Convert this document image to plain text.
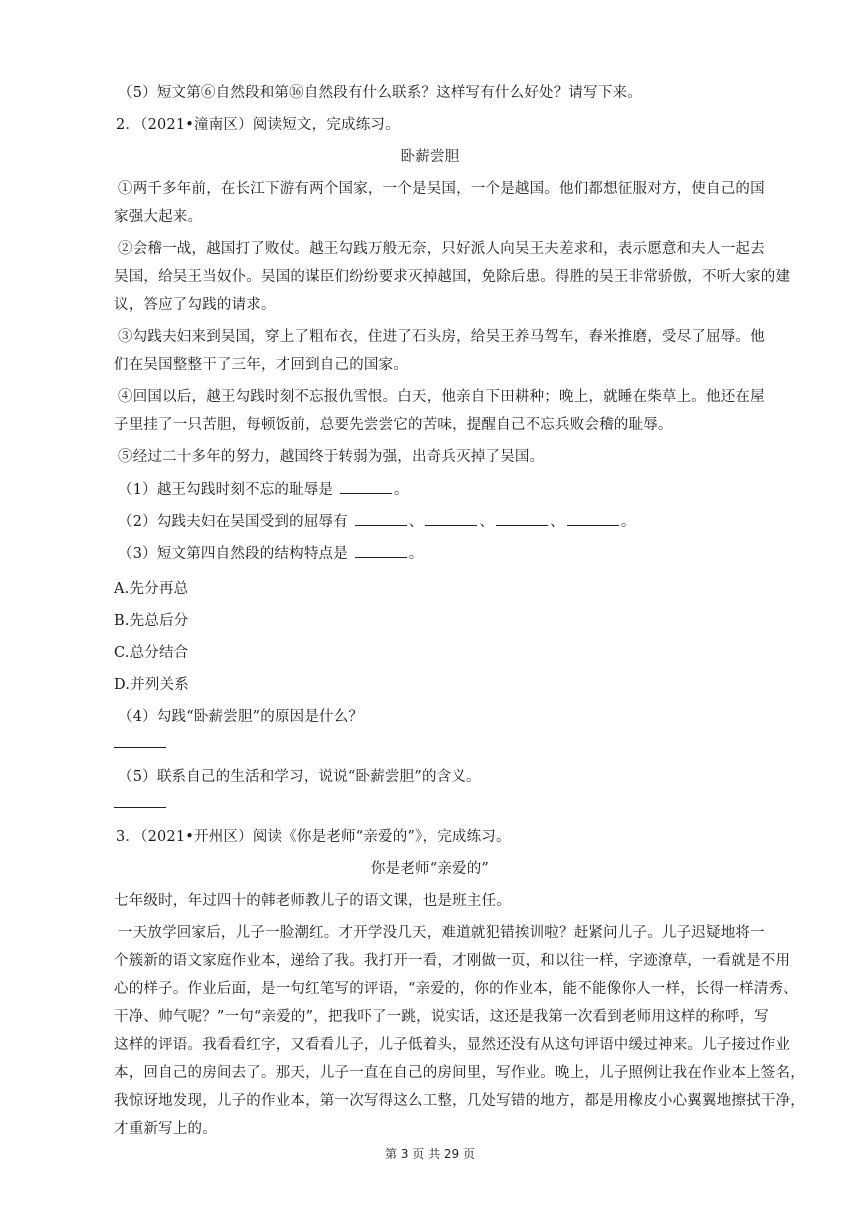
（5）短文第⑥自然段和第⑯自然段有什么联系？这样写有什么好处？请写下来。
2．（2021•潼南区）阅读短文，完成练习。
卧薪尝胆
①两千多年前，在长江下游有两个国家，一个是吴国，一个是越国。他们都想征服对方，使自己的国
家强大起来。
②会稽一战，越国打了败仗。越王勾践万般无奈，只好派人向吴王夫差求和，表示愿意和夫人一起去
吴国，给吴王当奴仆。吴国的谋臣们纷纷要求灭掉越国，免除后患。得胜的吴王非常骄傲，不听大家的建
议，答应了勾践的请求。
③勾践夫妇来到吴国，穿上了粗布衣，住进了石头房，给吴王养马驾车，舂米推磨，受尽了屈辱。他
们在吴国整整干了三年，才回到自己的国家。
④回国以后，越王勾践时刻不忘报仇雪恨。白天，他亲自下田耕种；晚上，就睡在柴草上。他还在屋
子里挂了一只苦胆，每顿饭前，总要先尝尝它的苦味，提醒自己不忘兵败会稽的耻辱。
⑤经过二十多年的努力，越国终于转弱为强，出奇兵灭掉了吴国。
（1）越王勾践时刻不忘的耻辱是	。
（2）勾践夫妇在吴国受到的屈辱有	、	、	、	。
（3）短文第四自然段的结构特点是	。
A.先分再总
B.先总后分
C.总分结合
D.并列关系
（4）勾践“卧薪尝胆”的原因是什么？
（5）联系自己的生活和学习，说说“卧薪尝胆”的含义。
3．（2021•开州区）阅读《你是老师“亲爱的”》，完成练习。
你是老师“亲爱的”
七年级时，年过四十的韩老师教儿子的语文课，也是班主任。
一天放学回家后，儿子一脸潮红。才开学没几天，难道就犯错挨训啦？赶紧问儿子。儿子迟疑地将一
个簇新的语文家庭作业本，递给了我。我打开一看，才刚做一页，和以往一样，字迹潦草，一看就是不用
心的样子。作业后面，是一句红笔写的评语，“亲爱的，你的作业本，能不能像你人一样，长得一样清秀、
干净、帅气呢？”一句“亲爱的”，把我吓了一跳，说实话，这还是我第一次看到老师用这样的称呼，写
这样的评语。我看看红字，又看看儿子，儿子低着头，显然还没有从这句评语中缓过神来。儿子接过作业
本，回自己的房间去了。那天，儿子一直在自己的房间里，写作业。晚上，儿子照例让我在作业本上签名，
我惊讶地发现，儿子的作业本，第一次写得这么工整，几处写错的地方，都是用橡皮小心翼翼地擦拭干净，
才重新写上的。
第 3 页 共 29 页
